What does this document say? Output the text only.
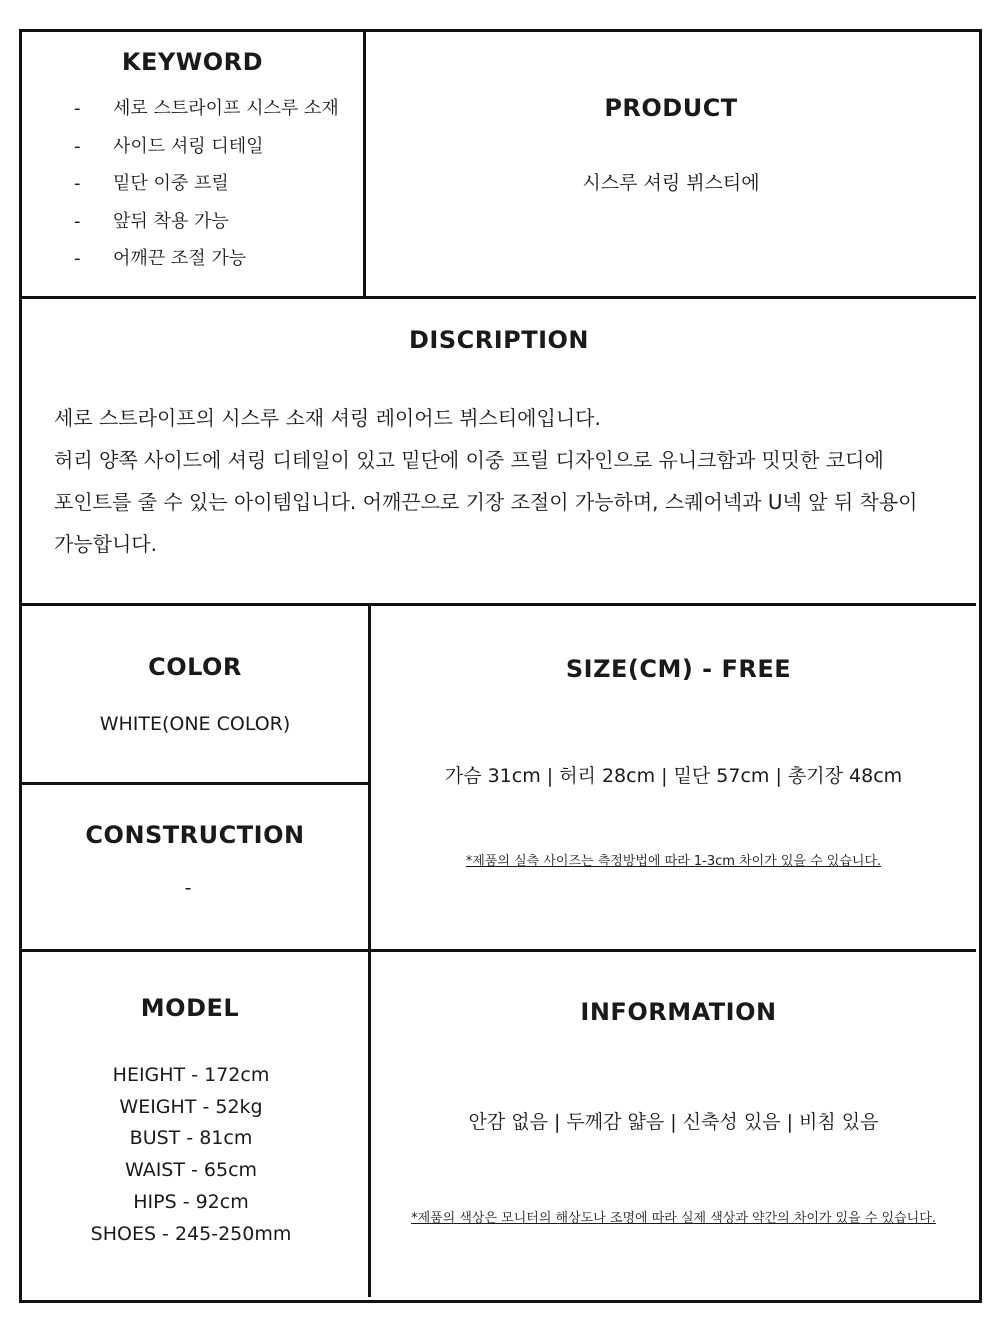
KEYWORD
- 세로 스트라이프 시스루 소재
- 사이드 셔링 디테일
- 밑단 이중 프릴
- 앞뒤 착용 가능
- 어깨끈 조절 가능
PRODUCT
시스루 셔링 뷔스티에
DISCRIPTION

세로 스트라이프의 시스루 소재 셔링 레이어드 뷔스티에입니다.

허리 양쪽 사이드에 셔링 디테일이 있고 밑단에 이중 프릴 디자인으로 유니크함과 밋밋한 코디에

포인트를 줄 수 있는 아이템입니다. 어깨끈으로 기장 조절이 가능하며, 스퀘어넥과 U넥 앞 뒤 착용이

가능합니다.

COLOR
WHITE(ONE COLOR)
CONSTRUCTION
-
SIZE(CM) - FREE
가슴 31cm | 허리 28cm | 밑단 57cm | 총기장 48cm
*제품의 실측 사이즈는 측정방법에 따라 1-3cm 차이가 있을 수 있습니다.
MODEL
HEIGHT - 172cm
WEIGHT - 52kg
BUST - 81cm
WAIST - 65cm
HIPS - 92cm
SHOES - 245-250mm
INFORMATION
안감 없음 | 두께감 얇음 | 신축성 있음 | 비침 있음
*제품의 색상은 모니터의 해상도나 조명에 따라 실제 색상과 약간의 차이가 있을 수 있습니다.
